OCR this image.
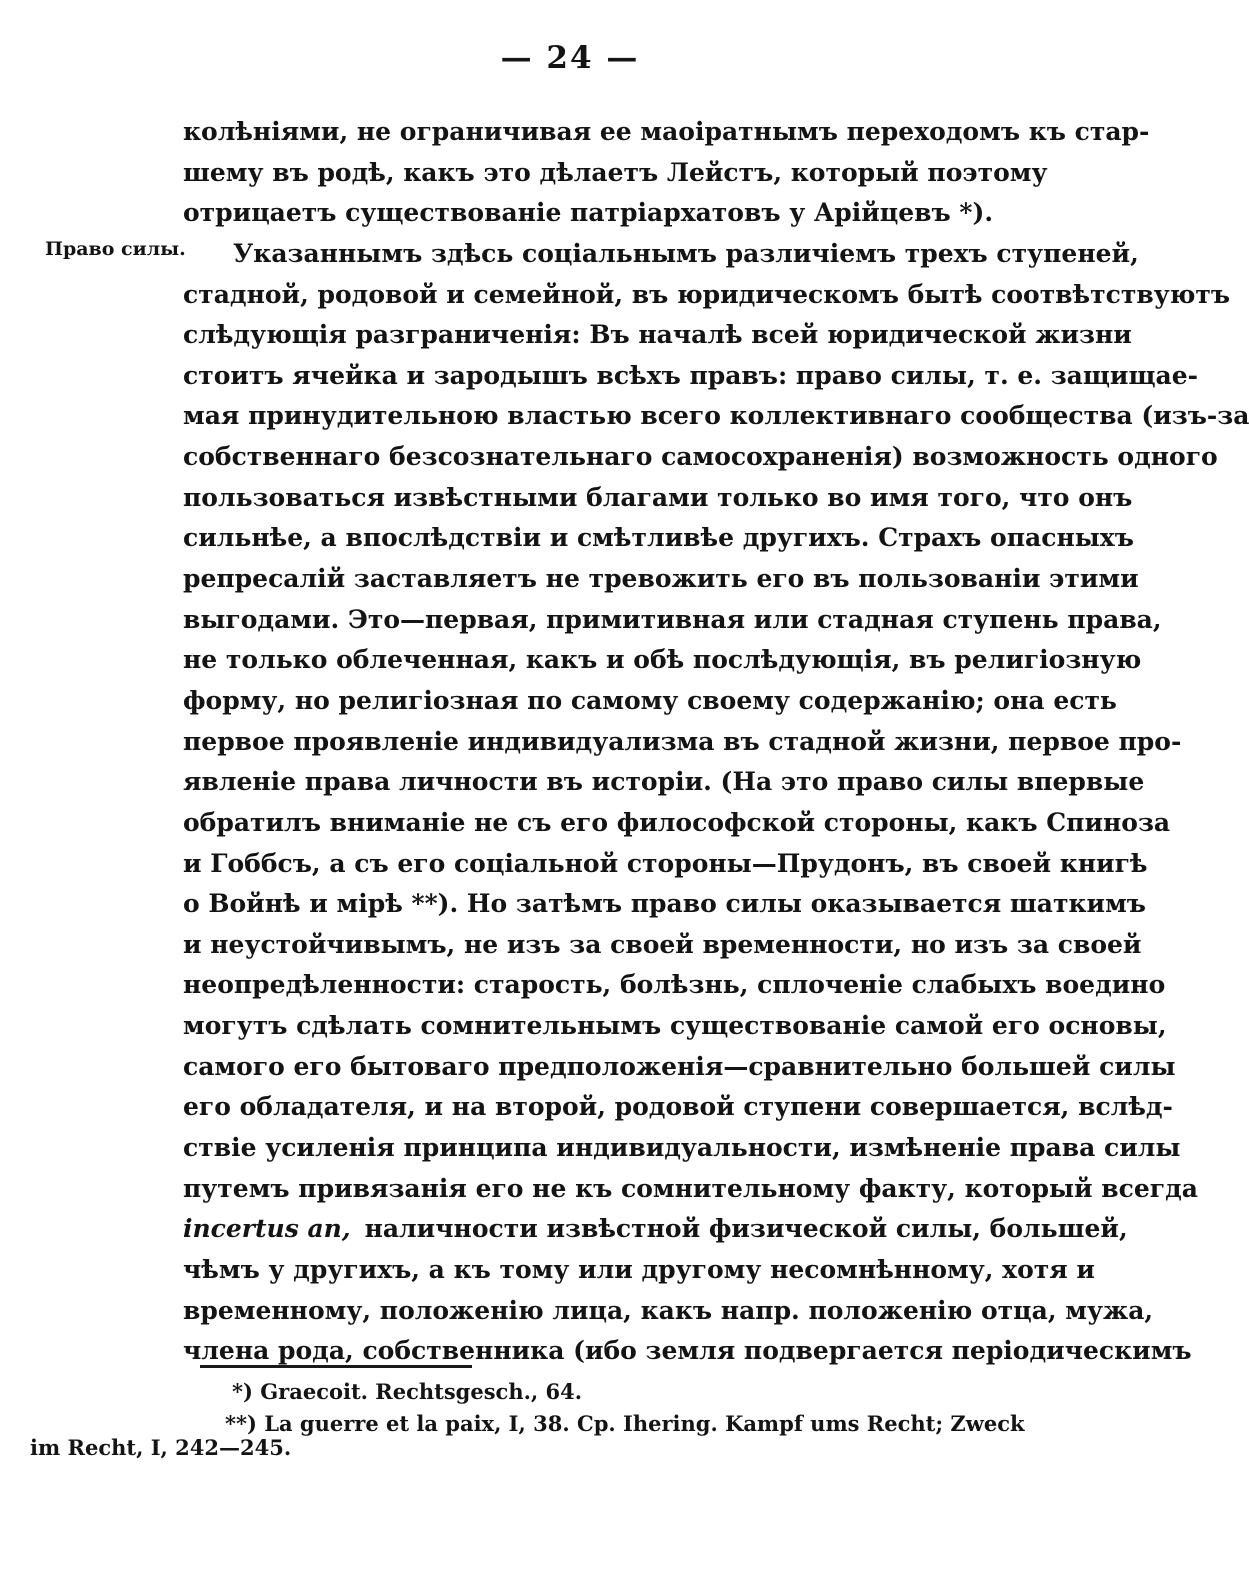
— 24 —
Право силы.
колѣніями, не ограничивая ее маоіратнымъ переходомъ къ стар-
шему въ родѣ, какъ это дѣлаетъ Лейстъ, который поэтому
отрицаетъ существованіе патріархатовъ у Арійцевъ *).
Указаннымъ здѣсь соціальнымъ различіемъ трехъ ступеней,
стадной, родовой и семейной, въ юридическомъ бытѣ соотвѣтствуютъ
слѣдующія разграниченія: Въ началѣ всей юридической жизни
стоитъ ячейка и зародышъ всѣхъ правъ: право силы, т. е. защищае-
мая принудительною властью всего коллективнаго сообщества (изъ-за
собственнаго безсознательнаго самосохраненія) возможность одного
пользоваться извѣстными благами только во имя того, что онъ
сильнѣе, а впослѣдствіи и смѣтливѣе другихъ. Страхъ опасныхъ
репресалій заставляетъ не тревожить его въ пользованіи этими
выгодами. Это—первая, примитивная или стадная ступень права,
не только облеченная, какъ и обѣ послѣдующія, въ религіозную
форму, но религіозная по самому своему содержанію; она есть
первое проявленіе индивидуализма въ стадной жизни, первое про-
явленіе права личности въ исторіи. (На это право силы впервые
обратилъ вниманіе не съ его философской стороны, какъ Спиноза
и Гоббсъ, а съ его соціальной стороны—Прудонъ, въ своей книгѣ
о Войнѣ и мірѣ **). Но затѣмъ право силы оказывается шаткимъ
и неустойчивымъ, не изъ за своей временности, но изъ за своей
неопредѣленности: старость, болѣзнь, сплоченіе слабыхъ воедино
могутъ сдѣлать сомнительнымъ существованіе самой его основы,
самого его бытоваго предположенія—сравнительно большей силы
его обладателя, и на второй, родовой ступени совершается, вслѣд-
ствіе усиленія принципа индивидуальности, измѣненіе права силы
путемъ привязанія его не къ сомнительному факту, который всегда
incertus an, наличности извѣстной физической силы, большей,
чѣмъ у другихъ, а къ тому или другому несомнѣнному, хотя и
временному, положенію лица, какъ напр. положенію отца, мужа,
члена рода, собственника (ибо земля подвергается періодическимъ
*) Graecoit. Rechtsgesch., 64.
**) La guerre et la paix, I, 38. Ср. Ihering. Kampf ums Recht; Zweck
im Recht, I, 242—245.
